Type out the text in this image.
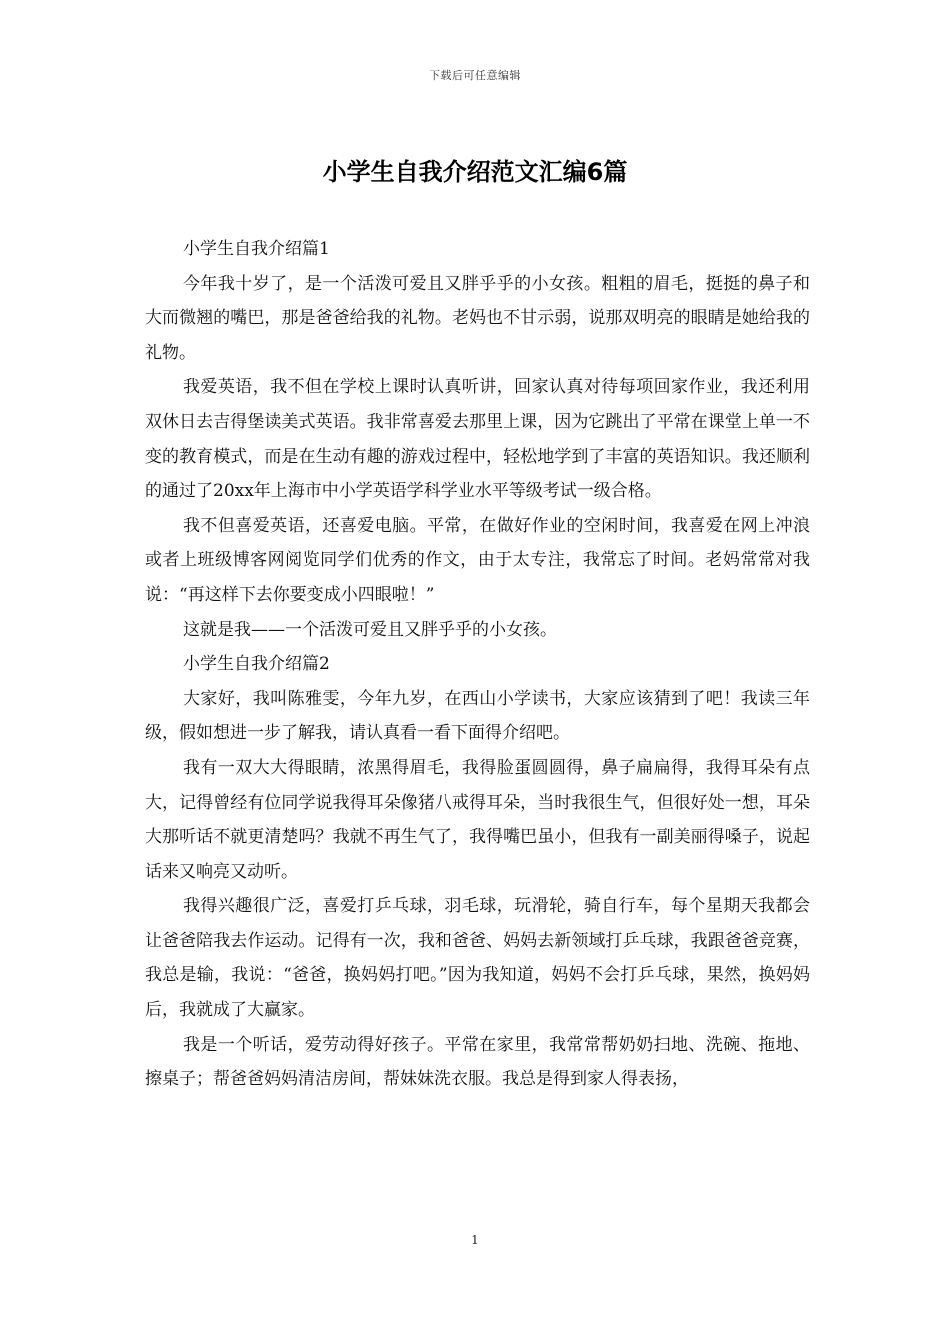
下载后可任意编辑
小学生自我介绍范文汇编6篇

小学生自我介绍篇1

今年我十岁了，是一个活泼可爱且又胖乎乎的小女孩。粗粗的眉毛，挺挺的鼻子和大而微翘的嘴巴，那是爸爸给我的礼物。老妈也不甘示弱，说那双明亮的眼睛是她给我的礼物。

我爱英语，我不但在学校上课时认真听讲，回家认真对待每项回家作业，我还利用双休日去吉得堡读美式英语。我非常喜爱去那里上课，因为它跳出了平常在课堂上单一不变的教育模式，而是在生动有趣的游戏过程中，轻松地学到了丰富的英语知识。我还顺利的通过了20xx年上海市中小学英语学科学业水平等级考试一级合格。

我不但喜爱英语，还喜爱电脑。平常，在做好作业的空闲时间，我喜爱在网上冲浪或者上班级博客网阅览同学们优秀的作文，由于太专注，我常忘了时间。老妈常常对我说：“再这样下去你要变成小四眼啦！”

这就是我——一个活泼可爱且又胖乎乎的小女孩。

小学生自我介绍篇2

大家好，我叫陈雅雯，今年九岁，在西山小学读书，大家应该猜到了吧！我读三年级，假如想进一步了解我，请认真看一看下面得介绍吧。

我有一双大大得眼睛，浓黑得眉毛，我得脸蛋圆圆得，鼻子扁扁得，我得耳朵有点大，记得曾经有位同学说我得耳朵像猪八戒得耳朵，当时我很生气，但很好处一想，耳朵大那听话不就更清楚吗？我就不再生气了，我得嘴巴虽小，但我有一副美丽得嗓子，说起话来又响亮又动听。

我得兴趣很广泛，喜爱打乒乓球，羽毛球，玩滑轮，骑自行车，每个星期天我都会让爸爸陪我去作运动。记得有一次，我和爸爸、妈妈去新领域打乒乓球，我跟爸爸竞赛，我总是输，我说：“爸爸，换妈妈打吧。”因为我知道，妈妈不会打乒乓球，果然，换妈妈后，我就成了大赢家。

我是一个听话，爱劳动得好孩子。平常在家里，我常常帮奶奶扫地、洗碗、拖地、擦桌子；帮爸爸妈妈清洁房间，帮妹妹洗衣服。我总是得到家人得表扬，

1
